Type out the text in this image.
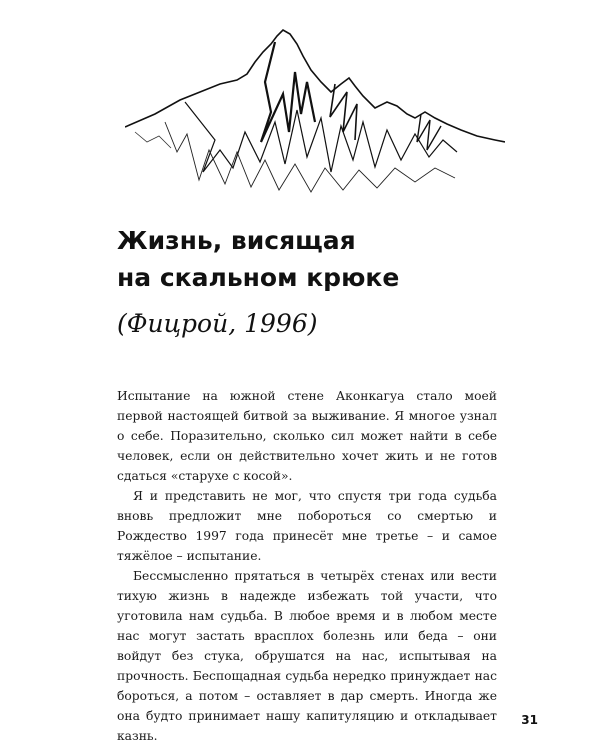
Жизнь, висящая
на скальном крюке
(Фицрой, 1996)

Испытание на южной стене Аконкагуа стало моей первой настоящей битвой за выживание. Я многое узнал о себе. Поразительно, сколько сил может найти в себе человек, если он действительно хочет жить и не готов сдаться «старухе с косой».

Я и представить не мог, что спустя три года судьба вновь предложит мне побороться со смертью и Рождество 1997 года принесёт мне третье – и самое тяжёлое – испытание.

Бессмысленно прятаться в четырёх стенах или вести тихую жизнь в надежде избежать той участи, что уготовила нам судьба. В любое время и в любом месте нас могут застать врасплох болезнь или беда – они войдут без стука, обрушатся на нас, испытывая на прочность. Беспощадная судьба нередко принуждает нас бороться, а потом – оставляет в дар смерть. Иногда же она будто принимает нашу капитуляцию и откладывает казнь.

31
